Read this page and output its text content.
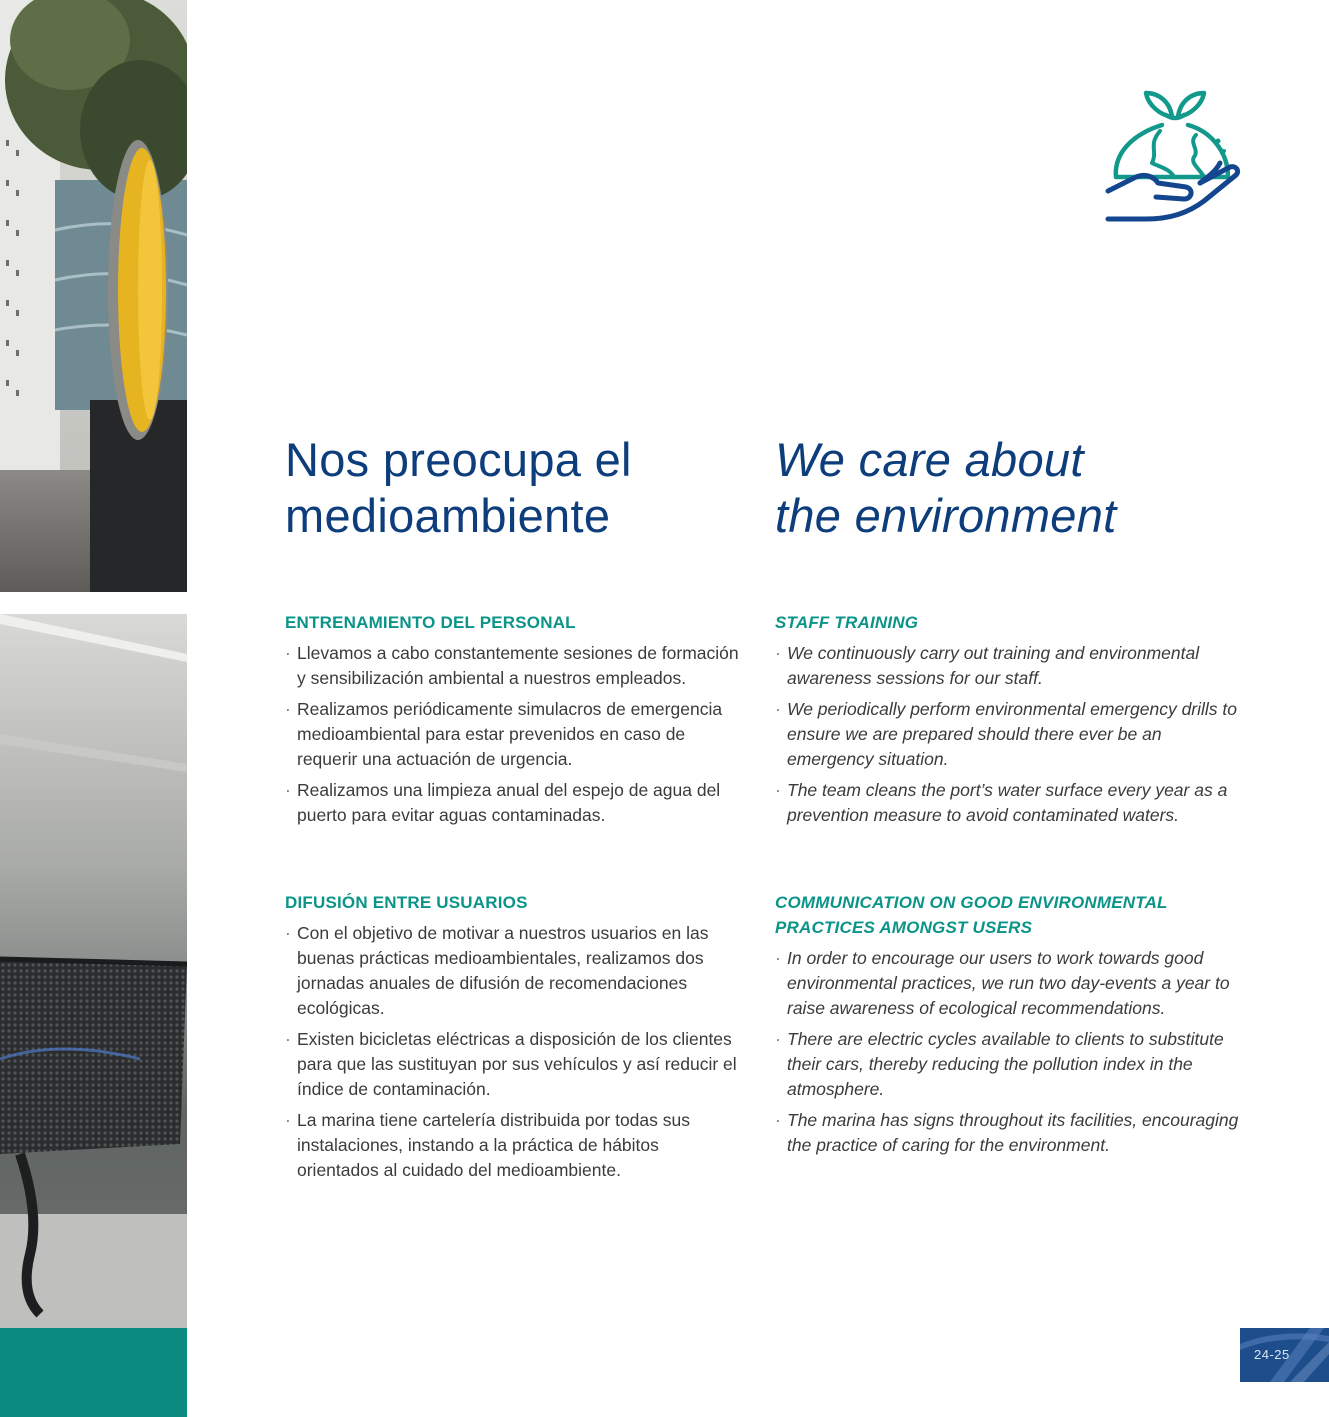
Nos preocupa el
medioambiente
ENTRENAMIENTO DEL PERSONAL
· Llevamos a cabo constantemente sesiones de formación y sensibilización ambiental a nuestros empleados.
· Realizamos periódicamente simulacros de emergencia medioambiental para estar prevenidos en caso de requerir una actuación de urgencia.
· Realizamos una limpieza anual del espejo de agua del puerto para evitar aguas contaminadas.
DIFUSIÓN ENTRE USUARIOS
· Con el objetivo de motivar a nuestros usuarios en las buenas prácticas medioambientales, realizamos dos jornadas anuales de difusión de recomendaciones ecológicas.
· Existen bicicletas eléctricas a disposición de los clientes para que las sustituyan por sus vehículos y así reducir el índice de contaminación.
· La marina tiene cartelería distribuida por todas sus instalaciones, instando a la práctica de hábitos orientados al cuidado del medioambiente.
We care about
the environment
STAFF TRAINING
· We continuously carry out training and environmental awareness sessions for our staff.
· We periodically perform environmental emergency drills to ensure we are prepared should there ever be an emergency situation.
· The team cleans the port’s water surface every year as a prevention measure to avoid contaminated waters.
COMMUNICATION ON GOOD ENVIRONMENTAL PRACTICES AMONGST USERS
· In order to encourage our users to work towards good environmental practices, we run two day-events a year to raise awareness of ecological recommendations.
· There are electric cycles available to clients to substitute their cars, thereby reducing the pollution index in the atmosphere.
· The marina has signs throughout its facilities, encouraging the practice of caring for the environment.
24-25
